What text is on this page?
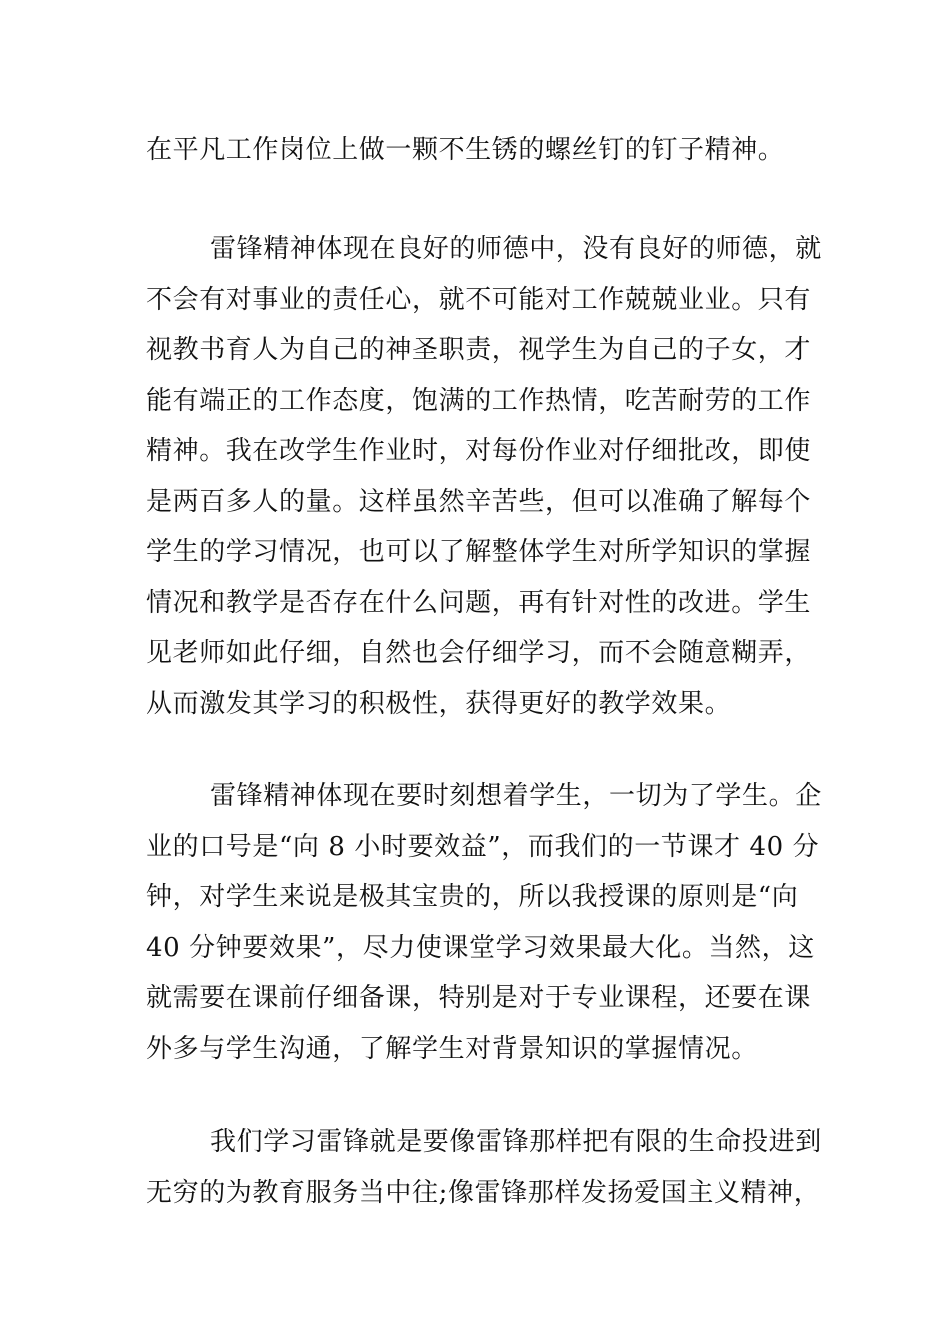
在平凡工作岗位上做一颗不生锈的螺丝钉的钉子精神。
雷锋精神体现在良好的师德中，没有良好的师德，就
不会有对事业的责任心，就不可能对工作兢兢业业。只有
视教书育人为自己的神圣职责，视学生为自己的子女，才
能有端正的工作态度，饱满的工作热情，吃苦耐劳的工作
精神。我在改学生作业时，对每份作业对仔细批改，即使
是两百多人的量。这样虽然辛苦些，但可以准确了解每个
学生的学习情况，也可以了解整体学生对所学知识的掌握
情况和教学是否存在什么问题，再有针对性的改进。学生
见老师如此仔细，自然也会仔细学习，而不会随意糊弄，
从而激发其学习的积极性，获得更好的教学效果。
雷锋精神体现在要时刻想着学生，一切为了学生。企
业的口号是“向 8 小时要效益”，而我们的一节课才 40 分
钟，对学生来说是极其宝贵的，所以我授课的原则是“向
40 分钟要效果”，尽力使课堂学习效果最大化。当然，这
就需要在课前仔细备课，特别是对于专业课程，还要在课
外多与学生沟通，了解学生对背景知识的掌握情况。
我们学习雷锋就是要像雷锋那样把有限的生命投进到
无穷的为教育服务当中往;像雷锋那样发扬爱国主义精神，
